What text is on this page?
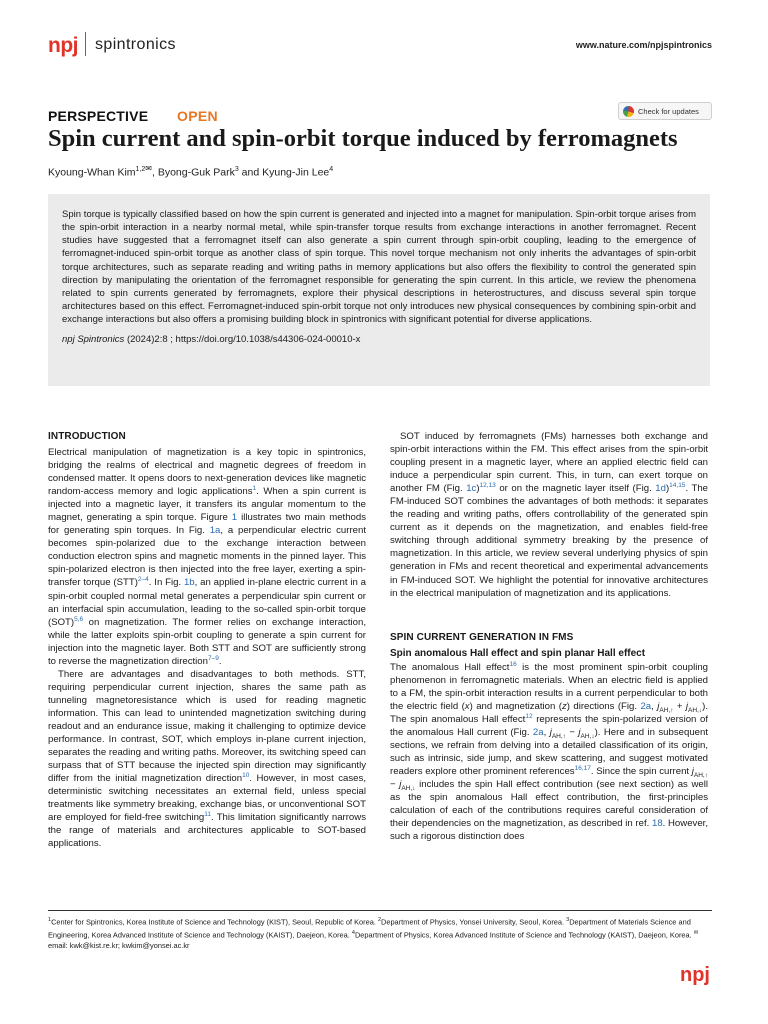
npj spintronics	www.nature.com/npjspintronics
PERSPECTIVE OPEN	Check for updates
Spin current and spin-orbit torque induced by ferromagnets
Kyoung-Whan Kim$^{1,2✉}$, Byong-Guk Park$^3$ and Kyung-Jin Lee$^4$

Spin torque is typically classified based on how the spin current is generated and injected into a magnet for manipulation. Spin-orbit torque arises from the spin-orbit interaction in a nearby normal metal, while spin-transfer torque results from exchange interactions in another ferromagnet. Recent studies have suggested that a ferromagnet itself can also generate a spin current through spin-orbit coupling, leading to the emergence of ferromagnet-induced spin-orbit torque as another class of spin torque. This novel torque mechanism not only inherits the advantages of spin-orbit torque architectures, such as separate reading and writing paths in memory applications but also offers the flexibility to control the generated spin direction by manipulating the orientation of the ferromagnet responsible for generating the spin current. In this article, we review the phenomena related to spin currents generated by ferromagnets, explore their physical descriptions in heterostructures, and discuss several spin torque architectures based on this effect. Ferromagnet-induced spin-orbit torque not only introduces new physical consequences by combining spin-orbit and exchange interactions but also offers a promising building block in spintronics with significant potential for diverse applications.

npj Spintronics (2024)2:8 ; https://doi.org/10.1038/s44306-024-00010-x

INTRODUCTION

Electrical manipulation of magnetization is a key topic in spintronics, bridging the realms of electrical and magnetic degrees of freedom in condensed matter. It opens doors to next-generation devices like magnetic random-access memory and logic applications$^1$. When a spin current is injected into a magnetic layer, it transfers its angular momentum to the magnet, generating a spin torque. Figure 1 illustrates two main methods for generating spin torques. In Fig. 1a, a perpendicular electric current becomes spin-polarized due to the exchange interaction between conduction electron spins and magnetic moments in the pinned layer. This spin-polarized electron is then injected into the free layer, exerting a spin-transfer torque (STT)$^{2-4}$. In Fig. 1b, an applied in-plane electric current in a spin-orbit coupled normal metal generates a perpendicular spin current or an interfacial spin accumulation, leading to the so-called spin-orbit torque (SOT)$^{5,6}$ on magnetization. The former relies on exchange interaction, while the latter exploits spin-orbit coupling to generate a spin current for injection into the magnetic layer. Both STT and SOT are sufficiently strong to reverse the magnetization direction$^{7-9}$.

There are advantages and disadvantages to both methods. STT, requiring perpendicular current injection, shares the same path as tunneling magnetoresistance which is used for reading magnetic information. This can lead to unintended magnetization switching during readout and an endurance issue, making it challenging to optimize device performance. In contrast, SOT, which employs in-plane current injection, separates the reading and writing paths. Moreover, its switching speed can surpass that of STT because the injected spin direction may significantly differ from the initial magnetization direction$^{10}$. However, in most cases, deterministic switching necessitates an external field, unless special treatments like symmetry breaking, exchange bias, or unconventional SOT are employed for field-free switching$^{11}$. This limitation significantly narrows the range of materials and architectures applicable to SOT-based applications.

SOT induced by ferromagnets (FMs) harnesses both exchange and spin-orbit interactions within the FM. This effect arises from the spin-orbit coupling present in a magnetic layer, where an applied electric field can induce a perpendicular spin current. This, in turn, can exert torque on another FM (Fig. 1c)$^{12,13}$ or on the magnetic layer itself (Fig. 1d)$^{14,15}$. The FM-induced SOT combines the advantages of both methods: it separates the reading and writing paths, offers controllability of the generated spin current as it depends on the magnetization, and enables field-free switching through additional symmetry breaking by the presence of magnetization. In this article, we review several underlying physics of spin generation in FMs and recent theoretical and experimental advancements in FM-induced SOT. We highlight the potential for innovative architectures in the electrical manipulation of magnetization and its applications.

SPIN CURRENT GENERATION IN FMS
Spin anomalous Hall effect and spin planar Hall effect

The anomalous Hall effect$^{16}$ is the most prominent spin-orbit coupling phenomenon in ferromagnetic materials. When an electric field is applied to a FM, the spin-orbit interaction results in a current perpendicular to both the electric field (x) and magnetization (z) directions (Fig. 2a, $j_{AH,↑} + j_{AH,↓}$). The spin anomalous Hall effect$^{12}$ represents the spin-polarized version of the anomalous Hall current (Fig. 2a, $j_{AH,↑} - j_{AH,↓}$). Here and in subsequent sections, we refrain from delving into a detailed classification of its origin, such as intrinsic, side jump, and skew scattering, and suggest motivated readers explore other prominent references$^{16,17}$. Since the spin current $j_{AH,↑} - j_{AH,↓}$ includes the spin Hall effect contribution (see next section) as well as the spin anomalous Hall effect contribution, the first-principles calculation of each of the contributions requires careful consideration of their dependencies on the magnetization, as described in ref. 18. However, such a rigorous distinction does

$^1$Center for Spintronics, Korea Institute of Science and Technology (KIST), Seoul, Republic of Korea. $^2$Department of Physics, Yonsei University, Seoul, Korea. $^3$Department of Materials Science and Engineering, Korea Advanced Institute of Science and Technology (KAIST), Daejeon, Korea. $^4$Department of Physics, Korea Advanced Institute of Science and Technology (KAIST), Daejeon, Korea. ✉email: kwk@kist.re.kr; kwkim@yonsei.ac.kr
npj
